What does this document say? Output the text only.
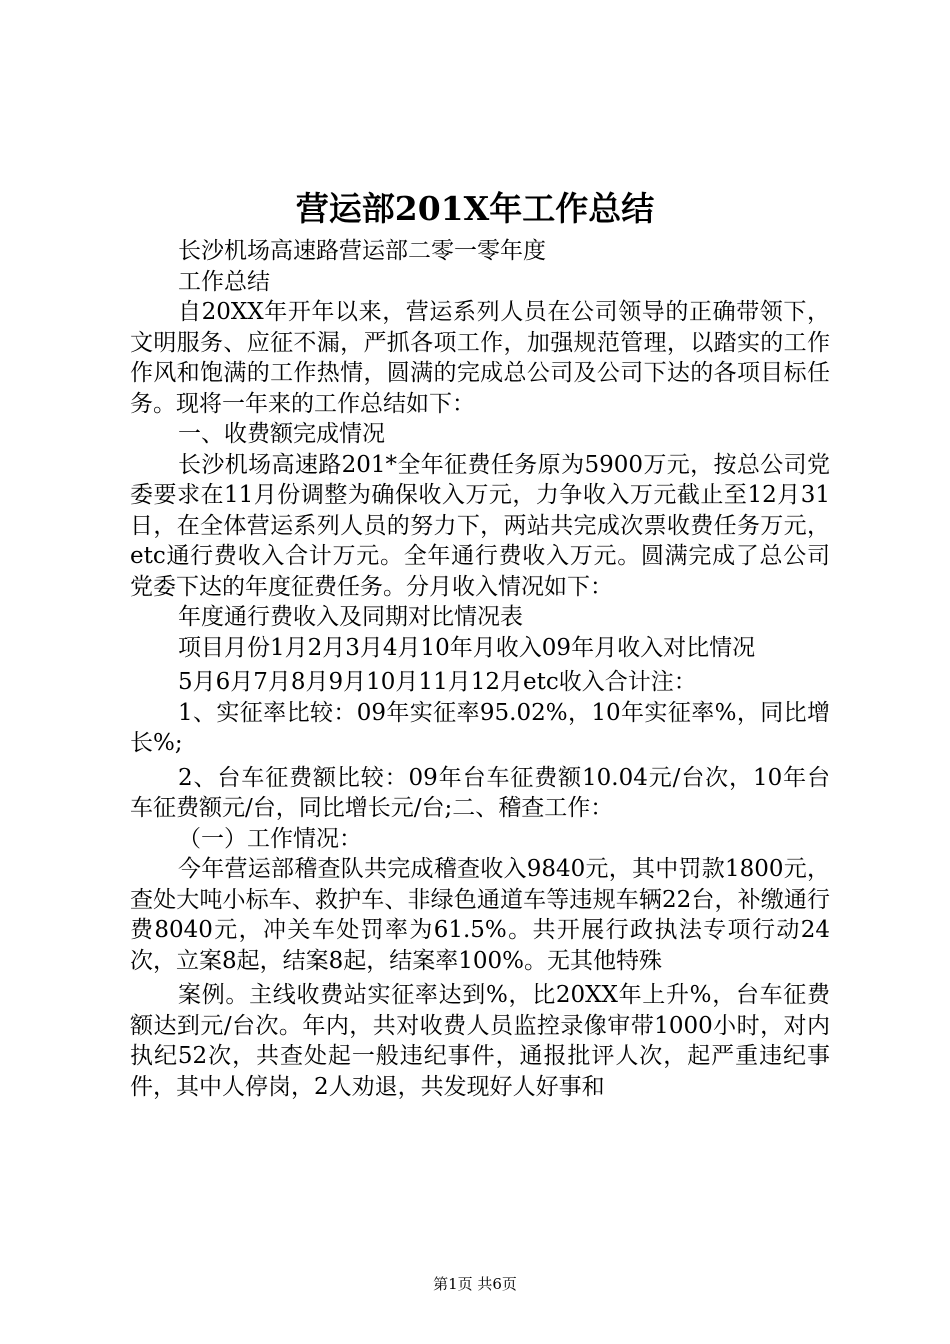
营运部201X年工作总结

长沙机场高速路营运部二零一零年度

工作总结

自20XX年开年以来，营运系列人员在公司领导的正确带领下，文明服务、应征不漏，严抓各项工作，加强规范管理，以踏实的工作作风和饱满的工作热情，圆满的完成总公司及公司下达的各项目标任务。现将一年来的工作总结如下：

一、收费额完成情况

长沙机场高速路201*全年征费任务原为5900万元，按总公司党委要求在11月份调整为确保收入万元，力争收入万元截止至12月31日，在全体营运系列人员的努力下，两站共完成次票收费任务万元，etc通行费收入合计万元。全年通行费收入万元。圆满完成了总公司党委下达的年度征费任务。分月收入情况如下：

年度通行费收入及同期对比情况表

项目月份1月2月3月4月10年月收入09年月收入对比情况

5月6月7月8月9月10月11月12月etc收入合计注：

1、实征率比较：09年实征率95.02%，10年实征率%，同比增长%;

2、台车征费额比较：09年台车征费额10.04元/台次，10年台车征费额元/台，同比增长元/台;二、稽查工作：

（一）工作情况：

今年营运部稽查队共完成稽查收入9840元，其中罚款1800元，查处大吨小标车、救护车、非绿色通道车等违规车辆22台，补缴通行费8040元，冲关车处罚率为61.5%。共开展行政执法专项行动24次，立案8起，结案8起，结案率100%。无其他特殊

案例。主线收费站实征率达到%，比20XX年上升%，台车征费额达到元/台次。年内，共对收费人员监控录像审带1000小时，对内执纪52次，共查处起一般违纪事件，通报批评人次，起严重违纪事件，其中人停岗，2人劝退，共发现好人好事和

第1页 共6页
